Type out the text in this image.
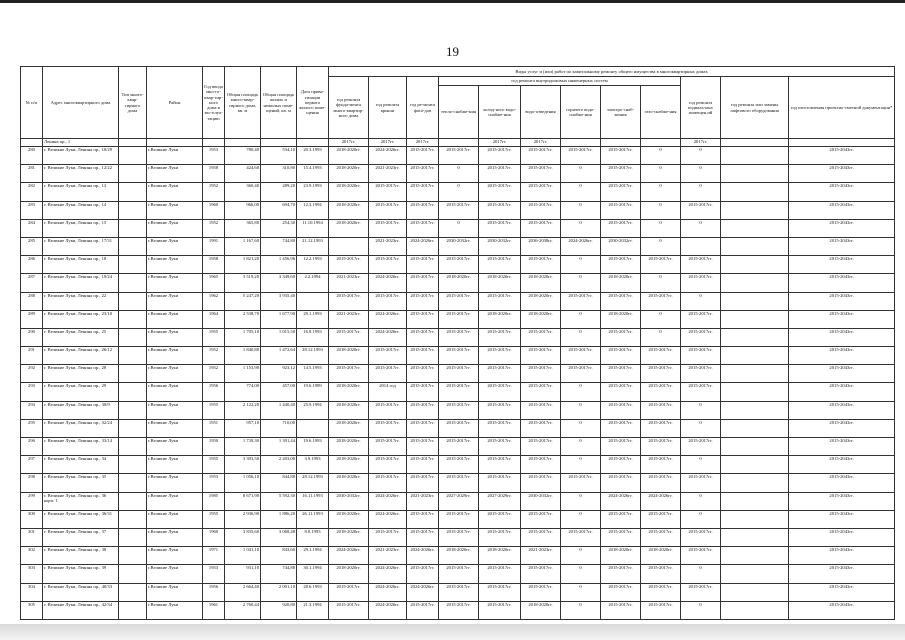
19
№ п/п	Адрес многоквартирного дома	Тип много-квар-тирного дома	Район	Год ввода мно-го-квар-тир-ного дома в экс-плуа-тацию	Общая площадь много-квар-тирного дома, кв. м	Общая площадь жилых и нежилых поме-щений, кв. м	Дата прива-тизации первого жилого поме-щения	Виды услуг и (или) работ по капитальному ремонту общего имущества в многоквартирных домах											
								год ремонта фунда-мента много-квартир-ного дома	год ремонта крыши	год ре-монта фаса-дов	год ремонта внутридомовых инженерных систем						год ремонта подваль-ных помещен ий	год ремонта или замены лифтового оборудования	год изготовления проектно-сметной документации*
											тепло-снабже-ния	холод-ного водо-снабже-ния	водо-отведения	горячего водо-снабже-ния	электро-снаб-жения	газо-снабже-ния			
	Ленина пр., 1							2017гг.	2017гг.	2017гг.		2017гг.	2017гг.				2017гг.		
280	г. Великие Луки, Ленина пр., 10/29		г.Великие Луки	1953	780,40	534,10	20.3.1993	2018-2020гг.	2024-2026гг.	2015-2017гг.	2015-2017гг.	2015-2017гг.	2015-2017гг.	2015-2017гг.	2015-2017гг.	0	0		2015-2043гг.
281	г. Великие Луки, Ленина пр., 12/22		г.Великие Луки	1958	424,60	310,80	15.4.1993	2018-2020гг.	2021-2023гг.	2015-2017гг.	0	2015-2017гг.	2015-2017гг.	0	2015-2017гг.	0	0		2015-2043гг.
282	г. Великие Луки, Ленина пр., 13		г.Великие Луки	1952	360,40	289,20	23.9.1993	2018-2020гг.	2015-2017гг.	2015-2017гг.	0	2015-2017гг.	2015-2017гг.	0	2015-2017гг.	0	0		2015-2043гг.
283	г. Великие Луки, Ленина пр., 14		г.Великие Луки	1960	966,00	694,70	12.3.1994	2018-2020гг.	2015-2017гг.	2015-2017гг.	2015-2017гг.	2015-2017гг.	2015-2017гг.	0	2015-2017гг.	0	2015-2017гг.		2015-2043гг.
284	г. Великие Луки, Ленина пр., 15		г.Великие Луки	1952	365,80	254,30	11.10.1994	2018-2020гг.	2015-2017гг.	2015-2017гг.	0	2015-2017гг.	2015-2017гг.	0	2015-2017гг.	0	0		2015-2043гг.
285	г. Великие Луки, Ленина пр., 17/31		г.Великие Луки	1991	1 167,60	744,80	21.12.1993		2021-2023гг.	2024-2026гг.	2030-2032гг.	2030-2032гг.	2036-2038гг.	2024-2026гг.	2030-2032гг.	0			2015-2043гг.
286	г. Великие Луки, Ленина пр., 18		г.Великие Луки	1958	1 821,20	1 456,96	12.2.1993	2015-2017гг.	2015-2017гг.	2015-2017гг.	2015-2017гг.	2015-2017гг.	2015-2017гг.	0	2015-2017гг.	2015-2017гг.	2015-2017гг.		2015-2043гг.
287	г. Великие Луки, Ленина пр., 19/24		г.Великие Луки	1965	3 519,20	3 349,60	2.2.1994	2021-2023гг.	2024-2026гг.	2015-2017гг.	2018-2020гг.	2018-2020гг.	2018-2020гг.	0	2018-2020гг.	0	2015-2017гг.		2015-2043гг.
288	г. Великие Луки, Ленина пр., 22		г.Великие Луки	1962	5 247,20	3 935,40		2015-2017гг.	2015-2017гг.	2015-2017гг.	2015-2017гг.	2015-2017гг.	2018-2020гг.	2015-2017гг.	2015-2017гг.	2015-2017гг.	0		2015-2043гг.
289	г. Великие Луки, Ленина пр., 23/10		г.Великие Луки	1964	2 538,70	1 677,90	29.1.1993	2021-2023гг.	2024-2026гг.	2015-2017гг.	2015-2017гг.	2018-2020гг.	2018-2020гг.	0	2018-2020гг.	0	2015-2017гг.		2015-2043гг.
290	г. Великие Луки, Ленина пр., 25		г.Великие Луки	1955	1 705,10	1 015,50	16.8.1993	2015-2017гг.	2024-2026гг.	2015-2017гг.	2015-2017гг.	2015-2017гг.	2015-2017гг.	0	2015-2017гг.	0	2015-2017гг.		2015-2043гг.
291	г. Великие Луки, Ленина пр., 26/12		г.Великие Луки	1952	1 840,80	1 472,64	28.12.1993	2018-2020гг.	2015-2017гг.	2015-2017гг.	2015-2017гг.	2015-2017гг.	2015-2017гг.	2015-2017гг.	2015-2017гг.	2015-2017гг.	2015-2017гг.		2015-2043гг.
292	г. Великие Луки, Ленина пр., 28		г.Великие Луки	1952	1 153,90	923,12	14.5.1993	2015-2017гг.	2015-2017гг.	2015-2017гг.	2015-2017гг.	2015-2017гг.	2015-2017гг.	2015-2017гг.	2015-2017гг.	2015-2017гг.	2015-2017гг.		2015-2043гг.
293	г. Великие Луки, Ленина пр., 29		г.Великие Луки	1956	774,00	457,00	19.6.1989	2018-2020гг.	2014 год	2015-2017гг.	2015-2017гг.	2015-2017гг.	2015-2017гг.	0	2015-2017гг.	2015-2017гг.	2015-2017гг.		2015-2043гг.
294	г. Великие Луки, Ленина пр., 30/9		г.Великие Луки	1955	2 122,20	1 440,40	25.9.1994	2018-2020гг.	2015-2017гг.	2015-2017гг.	2015-2017гг.	2015-2017гг.	2015-2017гг.	0	2015-2017гг.	2015-2017гг.	0		2015-2043гг.
295	г. Великие Луки, Ленина пр., 32/24		г.Великие Луки	1951	957,10	710,00		2018-2020гг.	2015-2017гг.	2015-2017гг.	2015-2017гг.	2015-2017гг.	2015-2017гг.	0	2015-2017гг.	2015-2017гг.	0		2015-2043гг.
296	г. Великие Луки, Ленина пр., 33/14		г.Великие Луки	1950	1 739,30	1 391,44	19.6.1993	2018-2020гг.	2015-2017гг.	2015-2017гг.	2015-2017гг.	2015-2017гг.	2015-2017гг.	0	2015-2017гг.	2015-2017гг.	2015-2017гг.		2015-2043гг.
297	г. Великие Луки, Ленина пр., 34		г.Великие Луки	1955	3 393,50	2 203,00	3.9.1993	2018-2020гг.	2015-2017гг.	2015-2017гг.	2015-2017гг.	2015-2017гг.	2015-2017гг.	0	2015-2017гг.	2015-2017гг.	0		2015-2043гг.
298	г. Великие Луки, Ленина пр., 35		г.Великие Луки	1953	1 056,10	844,88	28.12.1993	2018-2020гг.	2015-2017гг.	2015-2017гг.	2015-2017гг.	2015-2017гг.	2015-2017гг.	2015-2017гг.	2015-2017гг.	2015-2017гг.	2015-2017гг.		2015-2043гг.
299	г. Великие Луки, Ленина пр., 36 корп. 1		г.Великие Луки	1985	8 671,90	5 592,30	16.11.1993	2030-2032гг.	2024-2026гг.	2021-2023гг.	2027-2029гг.	2027-2029гг.	2030-2032гг.	0	2024-2026гг.	2024-2026гг.	0		2015-2043гг.
300	г. Великие Луки, Ленина пр., 36/31		г.Великие Луки	1955	2 936,90	1 886,20	26.11.1993	2018-2020гг.	2024-2026гг.	2015-2017гг.	2015-2017гг.	2015-2017гг.	2015-2017гг.	0	2015-2017гг.	2015-2017гг.	0		2015-2043гг.
301	г. Великие Луки, Ленина пр., 37		г.Великие Луки	1960	3 835,60	3 068,48	8.8.1993	2018-2020гг.	2015-2017гг.	2015-2017гг.	2015-2017гг.	2015-2017гг.	2015-2017гг.	2015-2017гг.	2015-2017гг.	2015-2017гг.	2015-2017гг.		2015-2043гг.
302	г. Великие Луки, Ленина пр., 38		г.Великие Луки	1971	1 041,10	843,60	29.1.1994	2024-2026гг.	2021-2023гг.	2024-2026гг.	2018-2020гг.	2018-2020гг.	2021-2023гг.	0	2018-2020гг.	2018-2020гг.	2015-2017гг.		2015-2043гг.
303	г. Великие Луки, Ленина пр., 39		г.Великие Луки	1953	931,10	744,88	30.1.1994	2018-2020гг.	2024-2026гг.	2015-2017гг.	2015-2017гг.	2015-2017гг.	2015-2017гг.	0	2015-2017гг.	2015-2017гг.	0		2015-2043гг.
304	г. Великие Луки, Ленина пр., 40/33		г.Великие Луки	1956	2 664,40	2 001,10	28.6.1993	2015-2017гг.	2024-2026гг.	2024-2026гг.	2015-2017гг.	2015-2017гг.	2015-2017гг.	0	2015-2017гг.	2015-2017гг.	2015-2017гг.		2015-2043гг.
305	г. Великие Луки, Ленина пр., 42/34		г.Великие Луки	1961	2 760,44	920,80	21.3.1994	2015-2017гг.	2024-2026гг.	2015-2017гг.	2015-2017гг.	2015-2017гг.	2018-2020гг.	0	2015-2017гг.	2015-2017гг.	0		2015-2043гг.
